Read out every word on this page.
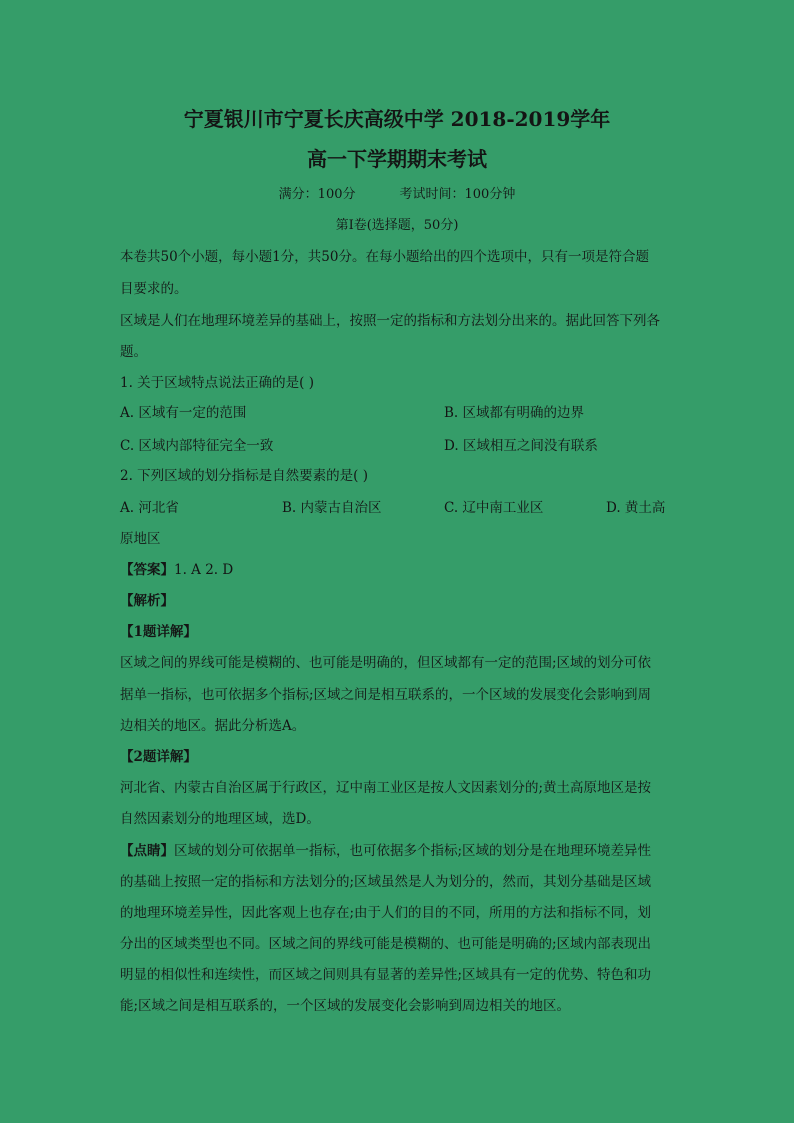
宁夏银川市宁夏长庆高级中学 2018-2019学年
高一下学期期末考试
满分：100分	考试时间：100分钟
第Ⅰ卷(选择题，50分)
本卷共50个小题，每小题1分，共50分。在每小题给出的四个选项中，只有一项是符合题
目要求的。
区域是人们在地理环境差异的基础上，按照一定的指标和方法划分出来的。据此回答下列各
题。
1. 关于区域特点说法正确的是( )
A. 区域有一定的范围	B. 区域都有明确的边界
C. 区域内部特征完全一致	D. 区域相互之间没有联系
2. 下列区域的划分指标是自然要素的是( )
A. 河北省	B. 内蒙古自治区	C. 辽中南工业区	D. 黄土高
原地区
【答案】1. A 2. D
【解析】
【1题详解】
区域之间的界线可能是模糊的、也可能是明确的，但区域都有一定的范围;区域的划分可依
据单一指标，也可依据多个指标;区域之间是相互联系的，一个区域的发展变化会影响到周
边相关的地区。据此分析选A。
【2题详解】
河北省、内蒙古自治区属于行政区，辽中南工业区是按人文因素划分的;黄土高原地区是按
自然因素划分的地理区域，选D。
【点睛】区域的划分可依据单一指标，也可依据多个指标;区域的划分是在地理环境差异性
的基础上按照一定的指标和方法划分的;区域虽然是人为划分的，然而，其划分基础是区域
的地理环境差异性，因此客观上也存在;由于人们的目的不同，所用的方法和指标不同，划
分出的区域类型也不同。区域之间的界线可能是模糊的、也可能是明确的;区域内部表现出
明显的相似性和连续性，而区域之间则具有显著的差异性;区域具有一定的优势、特色和功
能;区域之间是相互联系的，一个区域的发展变化会影响到周边相关的地区。
